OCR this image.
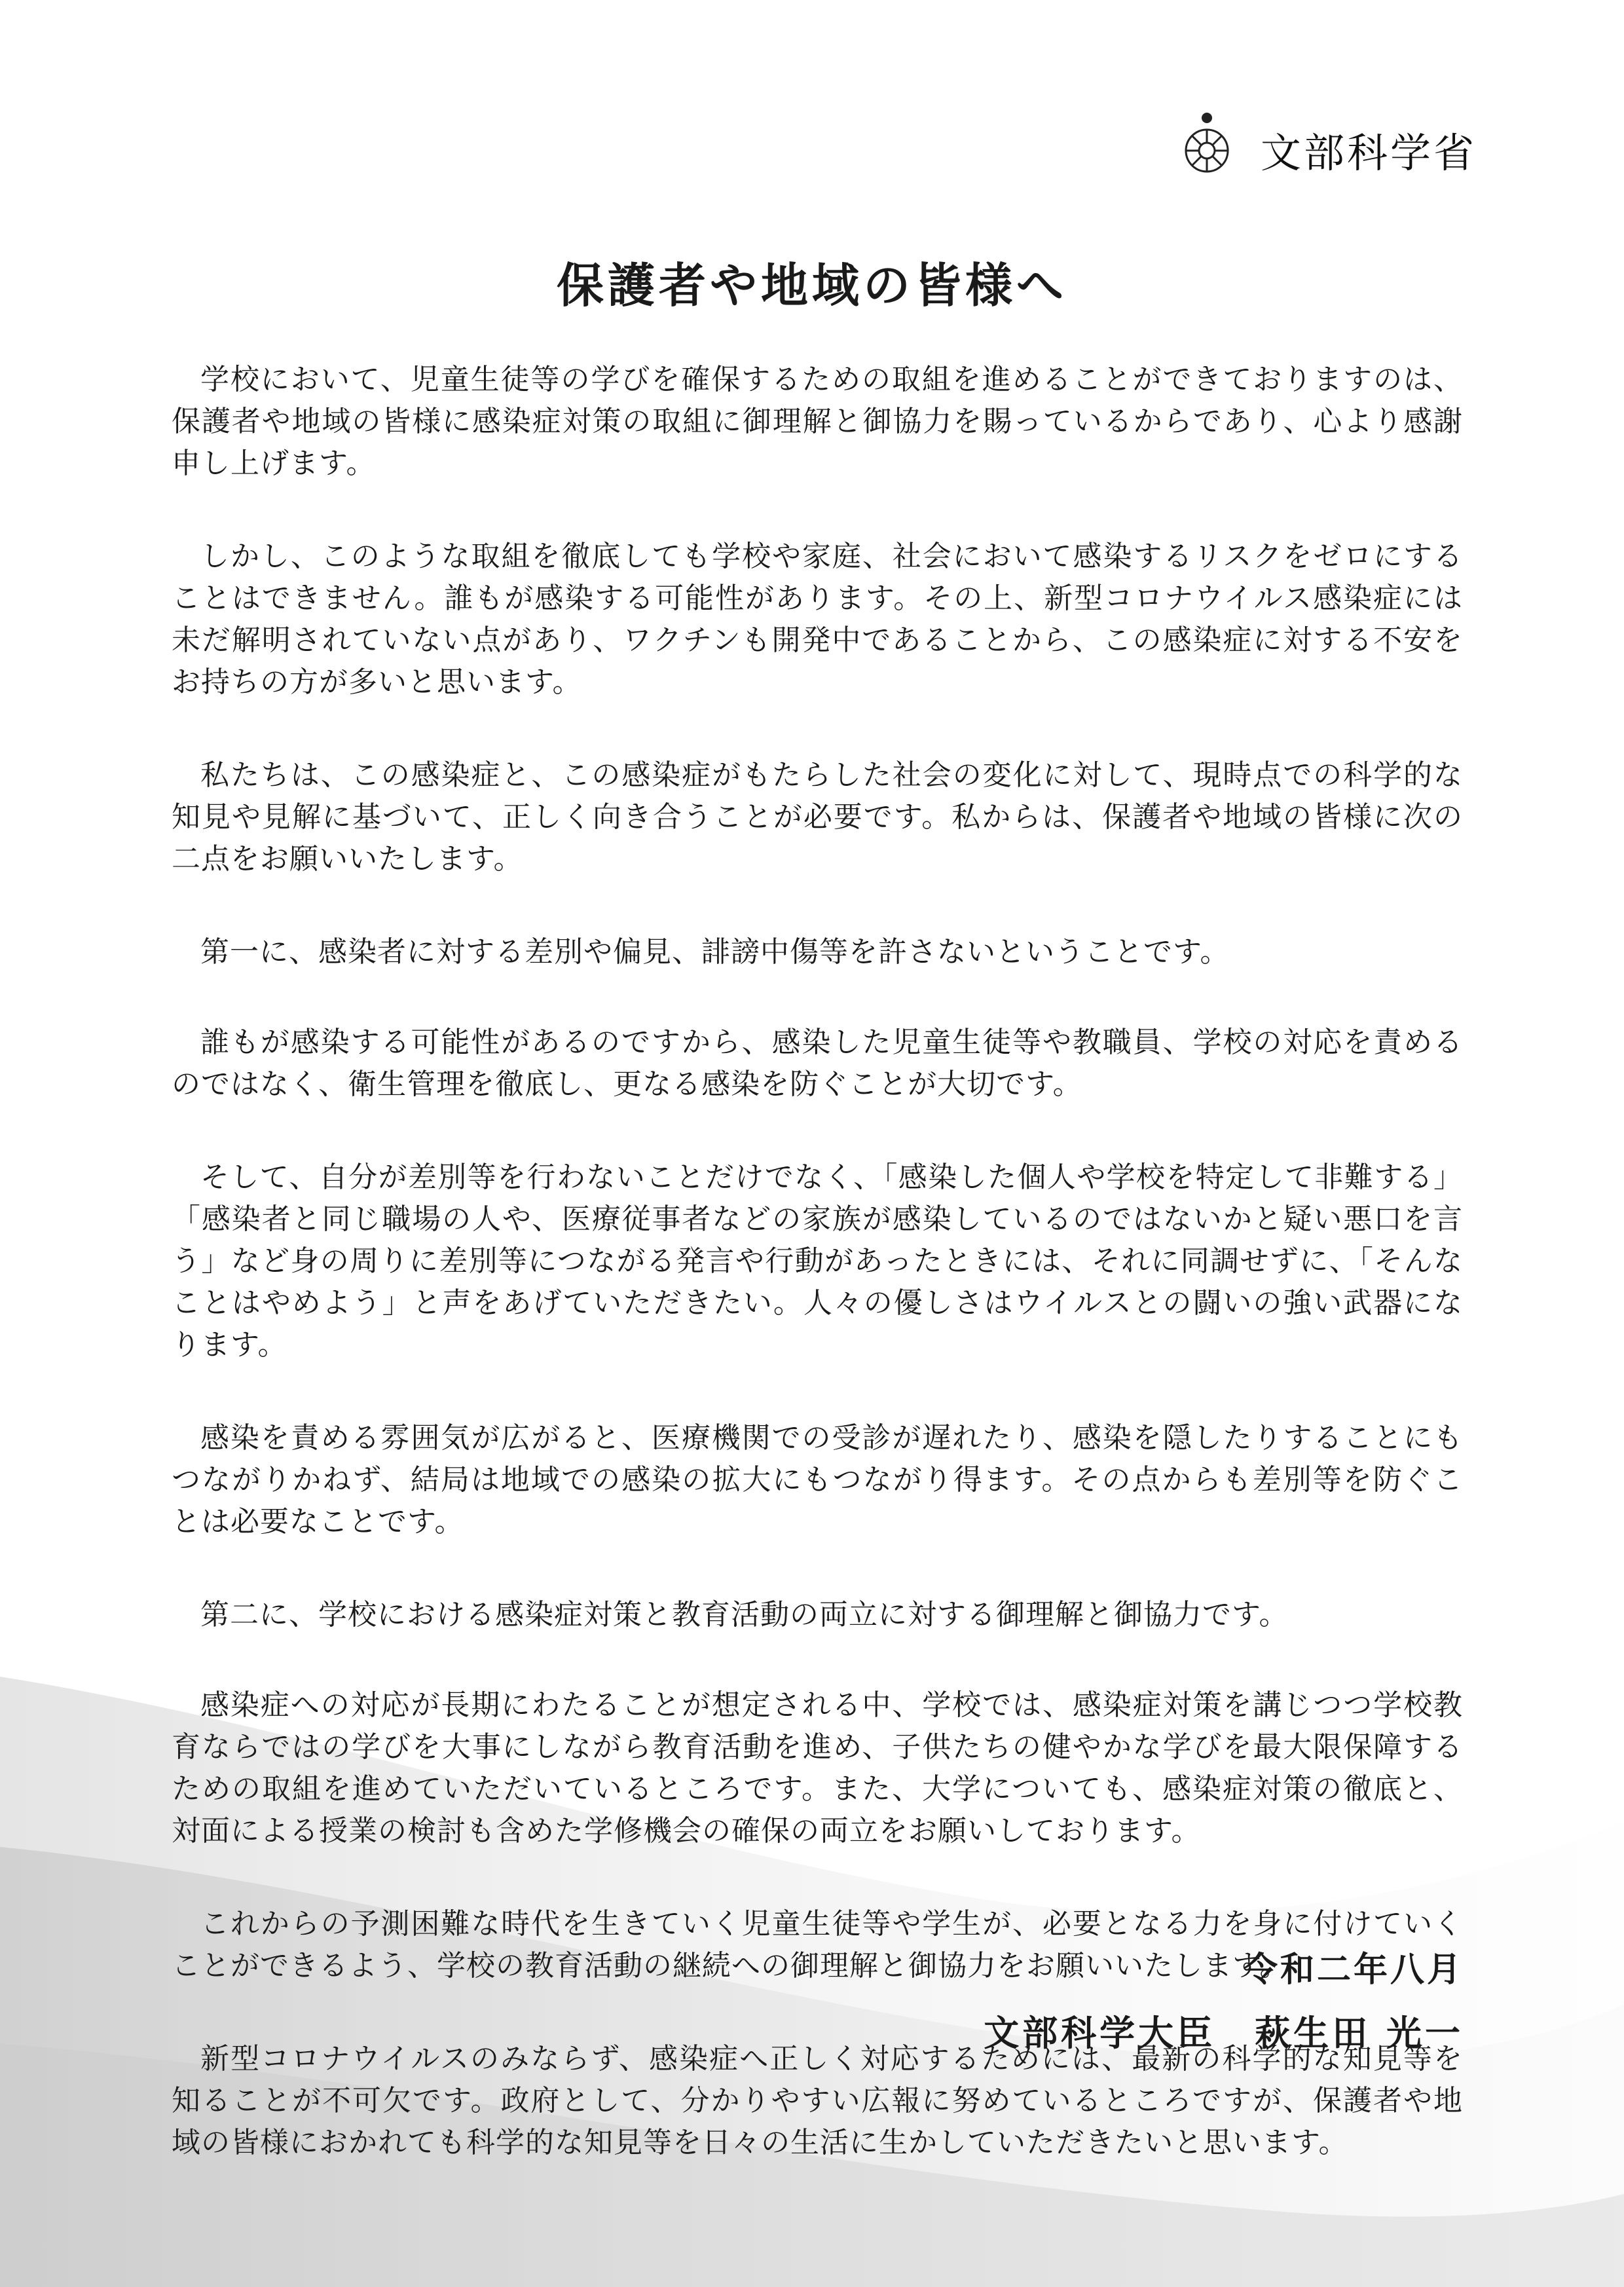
文部科学省
保護者や地域の皆様へ

学校において、児童生徒等の学びを確保するための取組を進めることができておりますのは、保護者や地域の皆様に感染症対策の取組に御理解と御協力を賜っているからであり、心より感謝申し上げます。

しかし、このような取組を徹底しても学校や家庭、社会において感染するリスクをゼロにすることはできません。誰もが感染する可能性があります。その上、新型コロナウイルス感染症には未だ解明されていない点があり、ワクチンも開発中であることから、この感染症に対する不安をお持ちの方が多いと思います。

私たちは、この感染症と、この感染症がもたらした社会の変化に対して、現時点での科学的な知見や見解に基づいて、正しく向き合うことが必要です。私からは、保護者や地域の皆様に次の二点をお願いいたします。

第一に、感染者に対する差別や偏見、誹謗中傷等を許さないということです。

誰もが感染する可能性があるのですから、感染した児童生徒等や教職員、学校の対応を責めるのではなく、衛生管理を徹底し、更なる感染を防ぐことが大切です。

そして、自分が差別等を行わないことだけでなく、「感染した個人や学校を特定して非難する」「感染者と同じ職場の人や、医療従事者などの家族が感染しているのではないかと疑い悪口を言う」など身の周りに差別等につながる発言や行動があったときには、それに同調せずに、「そんなことはやめよう」と声をあげていただきたい。人々の優しさはウイルスとの闘いの強い武器になります。

感染を責める雰囲気が広がると、医療機関での受診が遅れたり、感染を隠したりすることにもつながりかねず、結局は地域での感染の拡大にもつながり得ます。その点からも差別等を防ぐことは必要なことです。

第二に、学校における感染症対策と教育活動の両立に対する御理解と御協力です。

感染症への対応が長期にわたることが想定される中、学校では、感染症対策を講じつつ学校教育ならではの学びを大事にしながら教育活動を進め、子供たちの健やかな学びを最大限保障するための取組を進めていただいているところです。また、大学についても、感染症対策の徹底と、対面による授業の検討も含めた学修機会の確保の両立をお願いしております。

これからの予測困難な時代を生きていく児童生徒等や学生が、必要となる力を身に付けていくことができるよう、学校の教育活動の継続への御理解と御協力をお願いいたします。

新型コロナウイルスのみならず、感染症へ正しく対応するためには、最新の科学的な知見等を知ることが不可欠です。政府として、分かりやすい広報に努めているところですが、保護者や地域の皆様におかれても科学的な知見等を日々の生活に生かしていただきたいと思います。

令和二年八月

文部科学大臣 萩生田 光一
